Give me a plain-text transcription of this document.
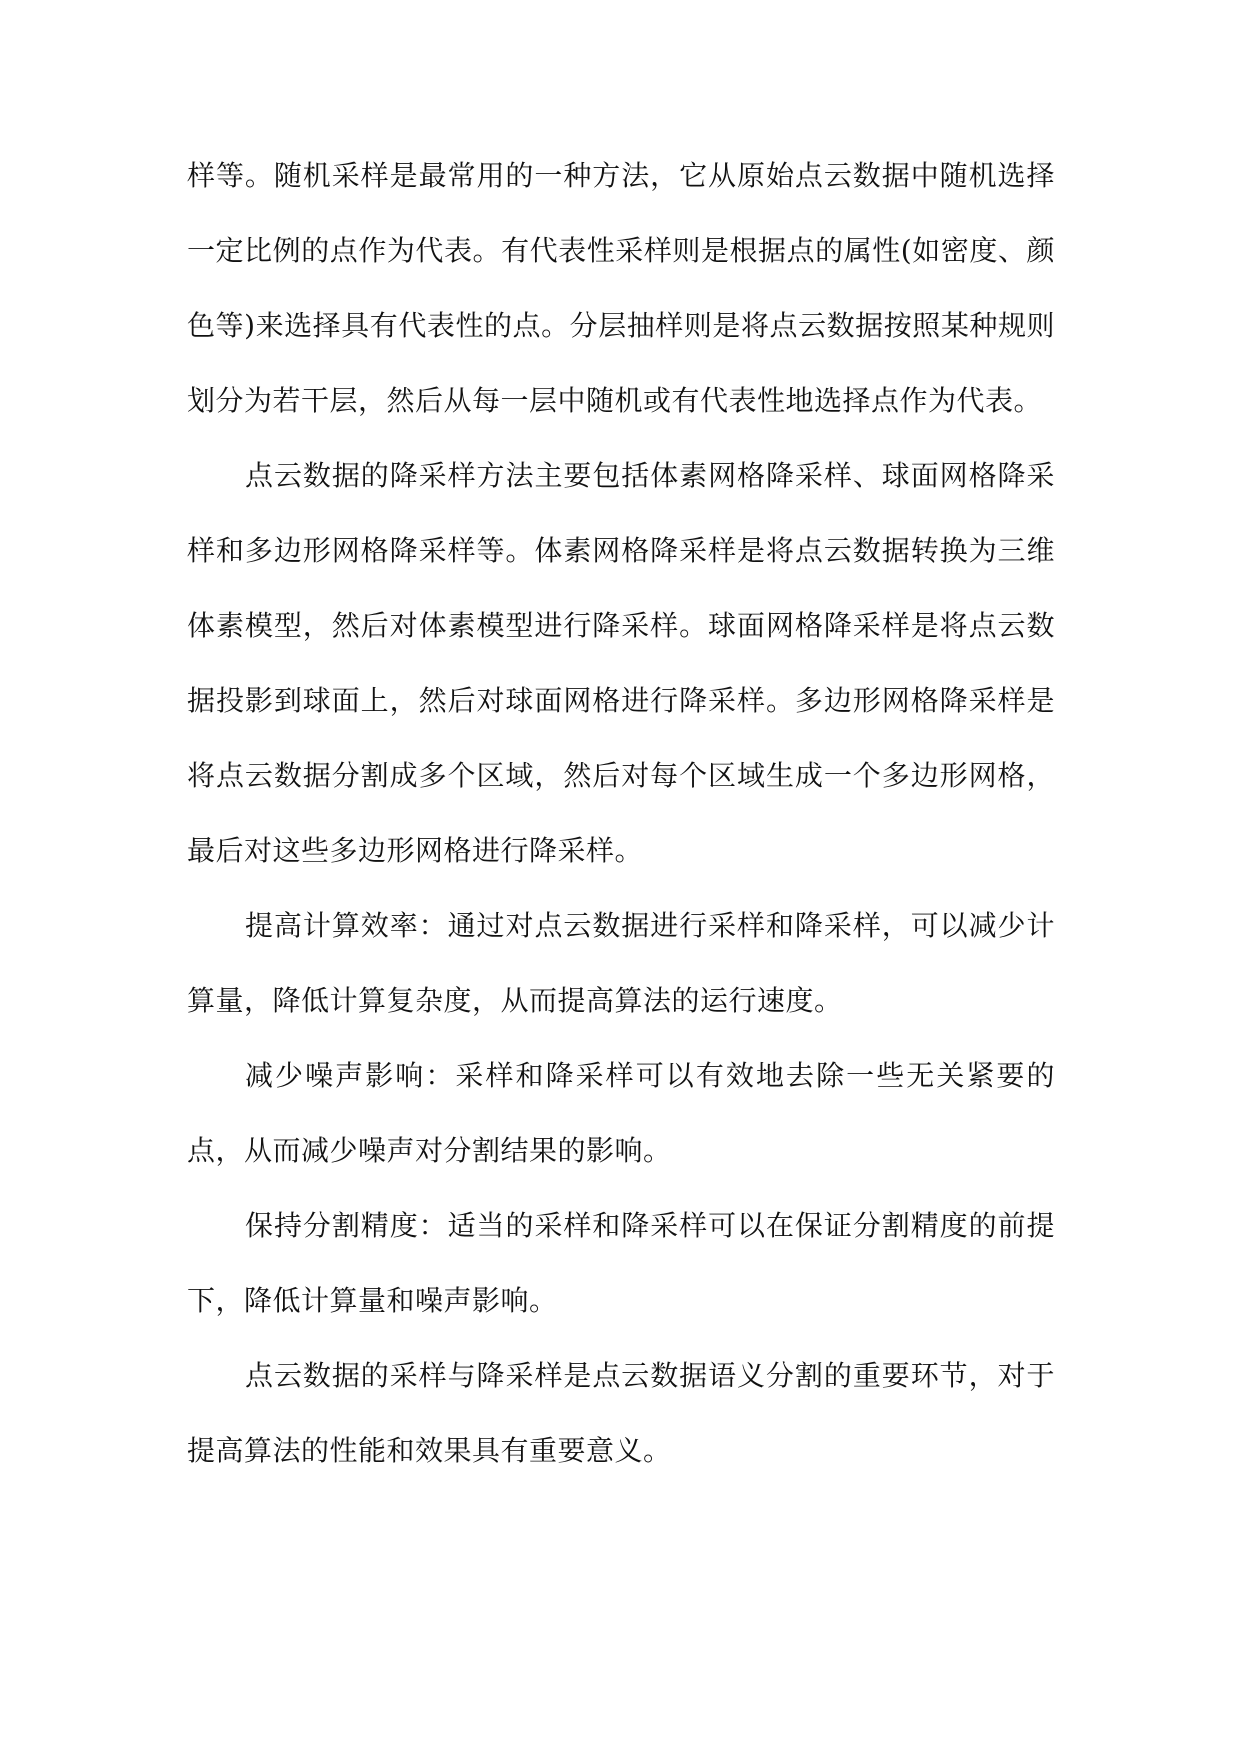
样等。随机采样是最常用的一种方法，它从原始点云数据中随机选择一定比例的点作为代表。有代表性采样则是根据点的属性(如密度、颜色等)来选择具有代表性的点。分层抽样则是将点云数据按照某种规则划分为若干层，然后从每一层中随机或有代表性地选择点作为代表。

点云数据的降采样方法主要包括体素网格降采样、球面网格降采样和多边形网格降采样等。体素网格降采样是将点云数据转换为三维体素模型，然后对体素模型进行降采样。球面网格降采样是将点云数据投影到球面上，然后对球面网格进行降采样。多边形网格降采样是将点云数据分割成多个区域，然后对每个区域生成一个多边形网格，最后对这些多边形网格进行降采样。

提高计算效率：通过对点云数据进行采样和降采样，可以减少计算量，降低计算复杂度，从而提高算法的运行速度。

减少噪声影响：采样和降采样可以有效地去除一些无关紧要的点，从而减少噪声对分割结果的影响。

保持分割精度：适当的采样和降采样可以在保证分割精度的前提下，降低计算量和噪声影响。

点云数据的采样与降采样是点云数据语义分割的重要环节，对于提高算法的性能和效果具有重要意义。
